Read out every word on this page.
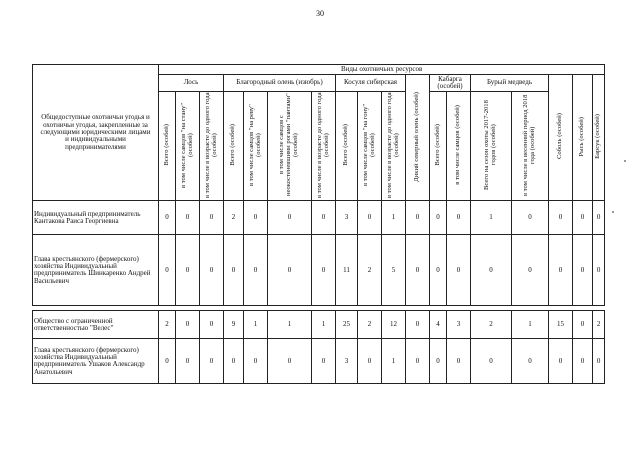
30
Общедоступные охотничьи угодья и охотничьи угодья, закрепленные за следующими юридическими лицами и индивидуальными предпринимателями	Виды охотничьих ресурсов																	
	Лось			Благородный олень (изюбрь)				Косуля сибирская			Дикий северный олень (особей)	Кабарга (особей)		Бурый медведь		Соболь (особей)	Рысь (особей)	Барсук (особей)
	Всего (особей)	в том числе самцов "на стану" (особей)	в том числе в возрасте до одного года (особей)	Всего (особей)	в том числе самцов "на реву" (особей)	в том числе самцов с неокостеневшими рогами "пантами" (особей)	в том числе в возрасте до одного года (особей)	Всего (особей)	в том числе самцов "на гону" (особей)	в том числе в возрасте до одного года (особей)		Всего (особей)	в том числе самцов (особей)	Всего на сезон охоты 2017-2018 годов (особей)	в том числе в весенний период 2018 года (особей)			
Индивидуальный предприниматель Кантакова Раиса Георгиевна	0	0	0	2	0	0	0	3	0	1	0	0	0	1	0	0	0	0
Глава крестьянского (фермерского) хозяйства Индивидуальный предприниматель Шинкаренко Андрей Васильевич	0	0	0	0	0	0	0	11	2	5	0	0	0	0	0	0	0	0

Общество с ограниченной ответственностью "Велес"	2	0	0	9	1	1	1	25	2	12	0	4	3	2	1	15	0	2
Глава крестьянского (фермерского) хозяйства Индивидуальный предприниматель Ушаков Александр Анатольевич	0	0	0	0	0	0	0	3	0	1	0	0	0	0	0	0	0	0
